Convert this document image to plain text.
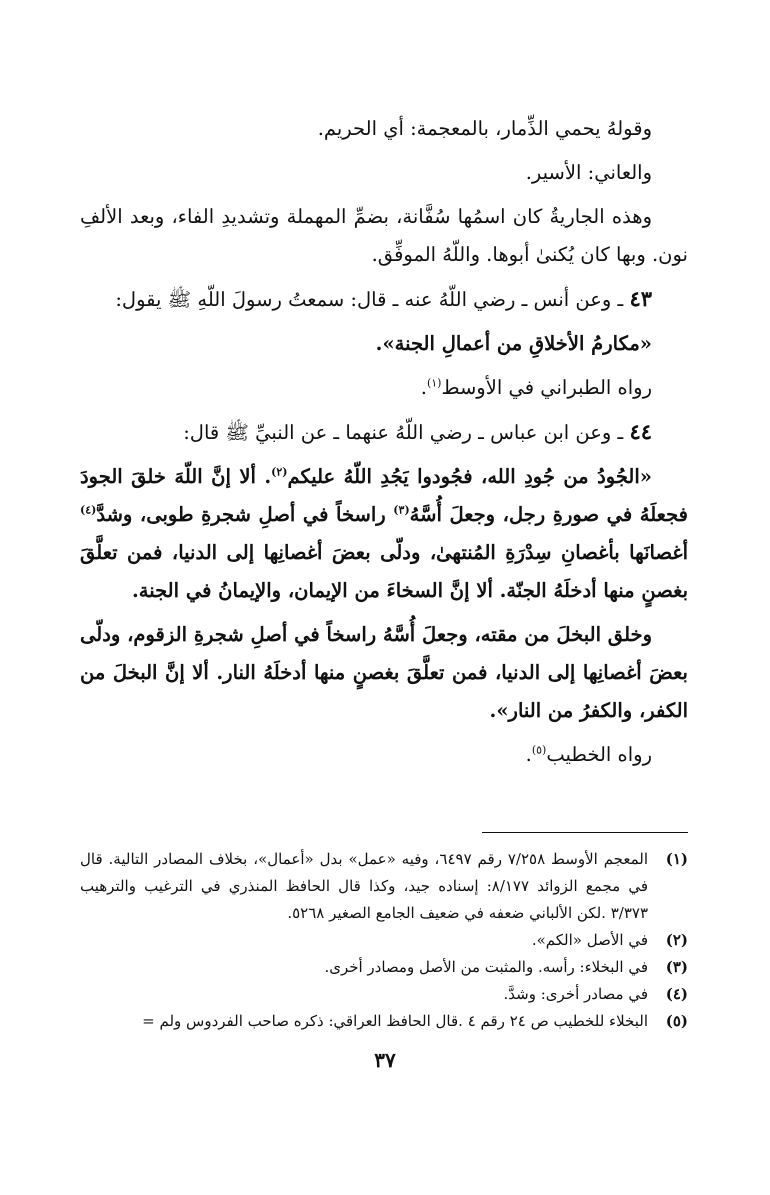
وقولهُ يحمي الذِّمار، بالمعجمة: أي الحريم.

والعاني: الأسير.

وهذه الجاريةُ كان اسمُها سُفَّانة، بضمِّ المهملة وتشديدِ الفاء، وبعد الألفِ نون. وبها كان يُكنىٰ أبوها. واللّهُ الموفِّق.

٤٣ ـ وعن أنس ـ رضي اللّهُ عنه ـ قال: سمعتُ رسولَ اللّهِ ﷺ يقول:

«مكارمُ الأخلاقِ من أعمالِ الجنة».

رواه الطبراني في الأوسط$^{(١)}$.

٤٤ ـ وعن ابن عباس ـ رضي اللّهُ عنهما ـ عن النبيِّ ﷺ قال:

«الجُودُ من جُودِ الله، فجُودوا يَجُدِ اللّهُ عليكم$^{(٢)}$. ألا إنَّ اللّهَ خلقَ الجودَ فجعلَهُ في صورةِ رجل، وجعلَ أُسَّهُ$^{(٣)}$ راسخاً في أصلِ شجرةِ طوبى، وشدَّ$^{(٤)}$ أغصانَها بأغصانِ سِدْرَةِ المُنتهىٰ، ودلّى بعضَ أغصانِها إلى الدنيا، فمن تعلَّقَ بغصنٍ منها أدخلَهُ الجنّة. ألا إنَّ السخاءَ من الإيمان، والإيمانُ في الجنة.

وخلق البخلَ من مقته، وجعلَ أُسَّهُ راسخاً في أصلِ شجرةِ الزقوم، ودلّى بعضَ أغصانِها إلى الدنيا، فمن تعلَّقَ بغصنٍ منها أدخلَهُ النار. ألا إنَّ البخلَ من الكفر، والكفرُ من النار».

رواه الخطيب$^{(٥)}$.

(١)
المعجم الأوسط ٧/٢٥٨ رقم ٦٤٩٧، وفيه «عمل» بدل «أعمال»، بخلاف المصادر التالية. قال في مجمع الزوائد ٨/١٧٧: إسناده جيد، وكذا قال الحافظ المنذري في الترغيب والترهيب ٣/٣٧٣ .لكن الألباني ضعفه في ضعيف الجامع الصغير ٥٢٦٨.
(٢)
في الأصل «الكم».
(٣)
في البخلاء: رأسه. والمثبت من الأصل ومصادر أخرى.
(٤)
في مصادر أخرى: وشدَّ.
(٥)
البخلاء للخطيب ص ٢٤ رقم ٤ .قال الحافظ العراقي: ذكره صاحب الفردوس ولم =
٣٧
